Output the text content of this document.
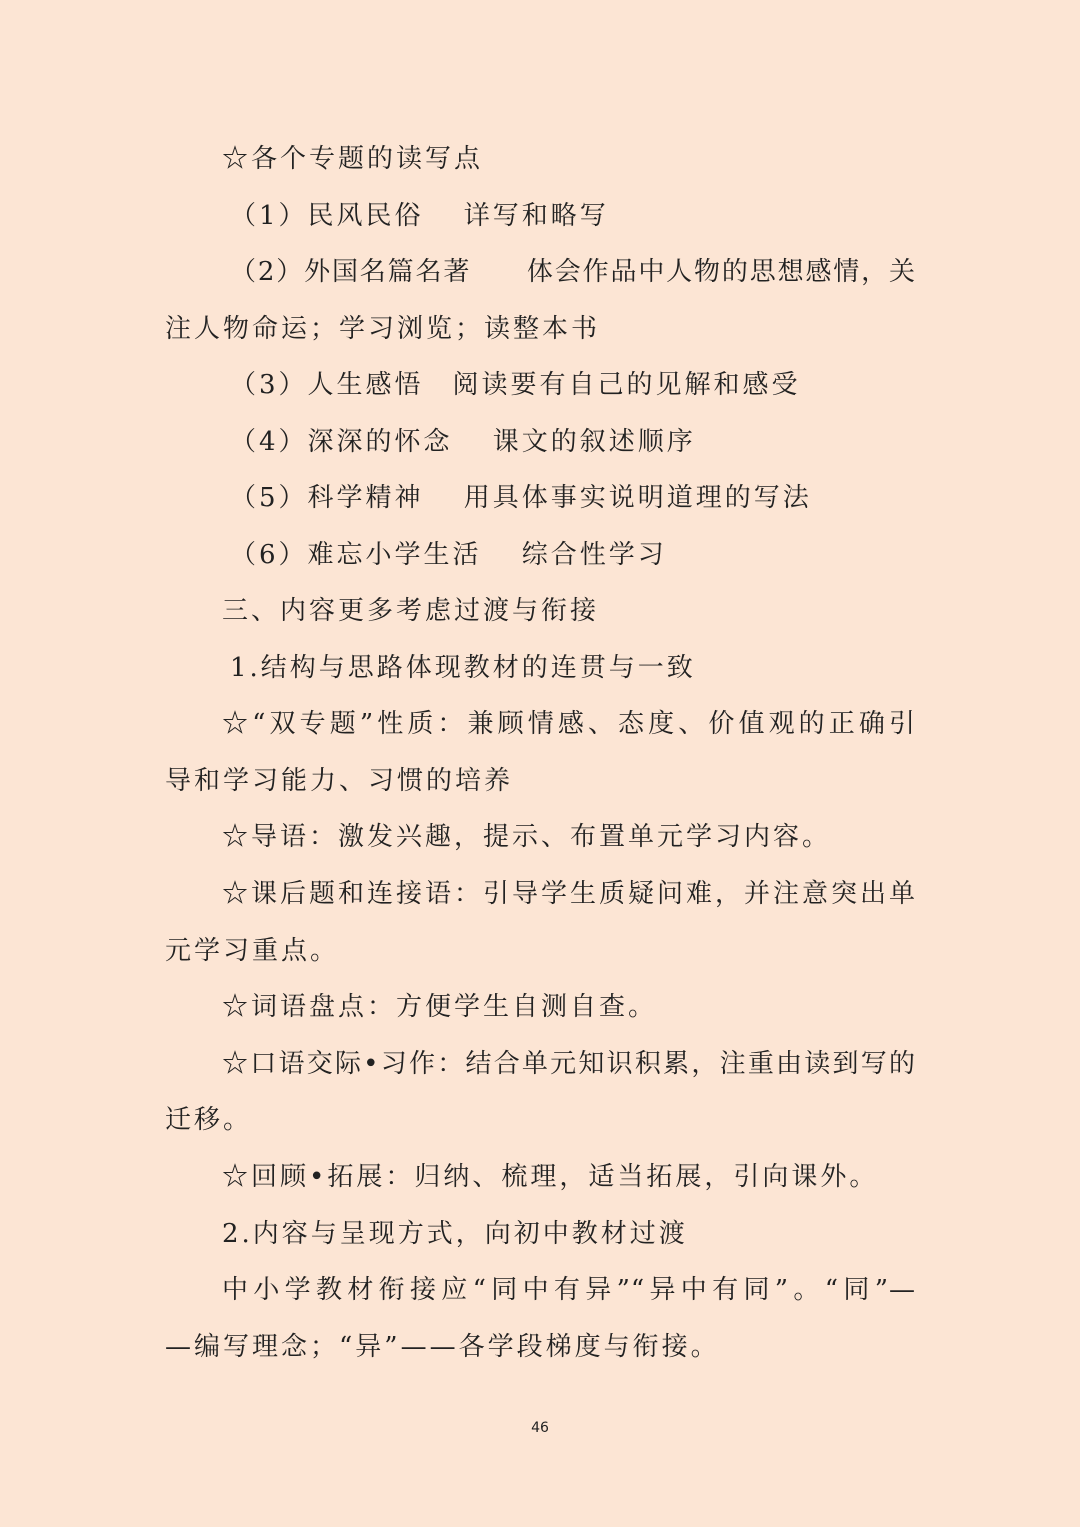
☆各个专题的读写点
（1）民风民俗　 详写和略写
（2）外国名篇名著　　体会作品中人物的思想感情，关
注人物命运；学习浏览；读整本书
（3）人生感悟　阅读要有自己的见解和感受
（4）深深的怀念　 课文的叙述顺序
（5）科学精神　 用具体事实说明道理的写法
（6）难忘小学生活　 综合性学习
三、内容更多考虑过渡与衔接
1.结构与思路体现教材的连贯与一致
☆“双专题”性质：兼顾情感、态度、价值观的正确引
导和学习能力、习惯的培养
☆导语：激发兴趣，提示、布置单元学习内容。
☆课后题和连接语：引导学生质疑问难，并注意突出单
元学习重点。
☆词语盘点：方便学生自测自查。
☆口语交际•习作：结合单元知识积累，注重由读到写的
迁移。
☆回顾•拓展：归纳、梳理，适当拓展，引向课外。
2.内容与呈现方式，向初中教材过渡
中小学教材衔接应“同中有异”“异中有同”。“同”—
—编写理念；“异”——各学段梯度与衔接。
46
